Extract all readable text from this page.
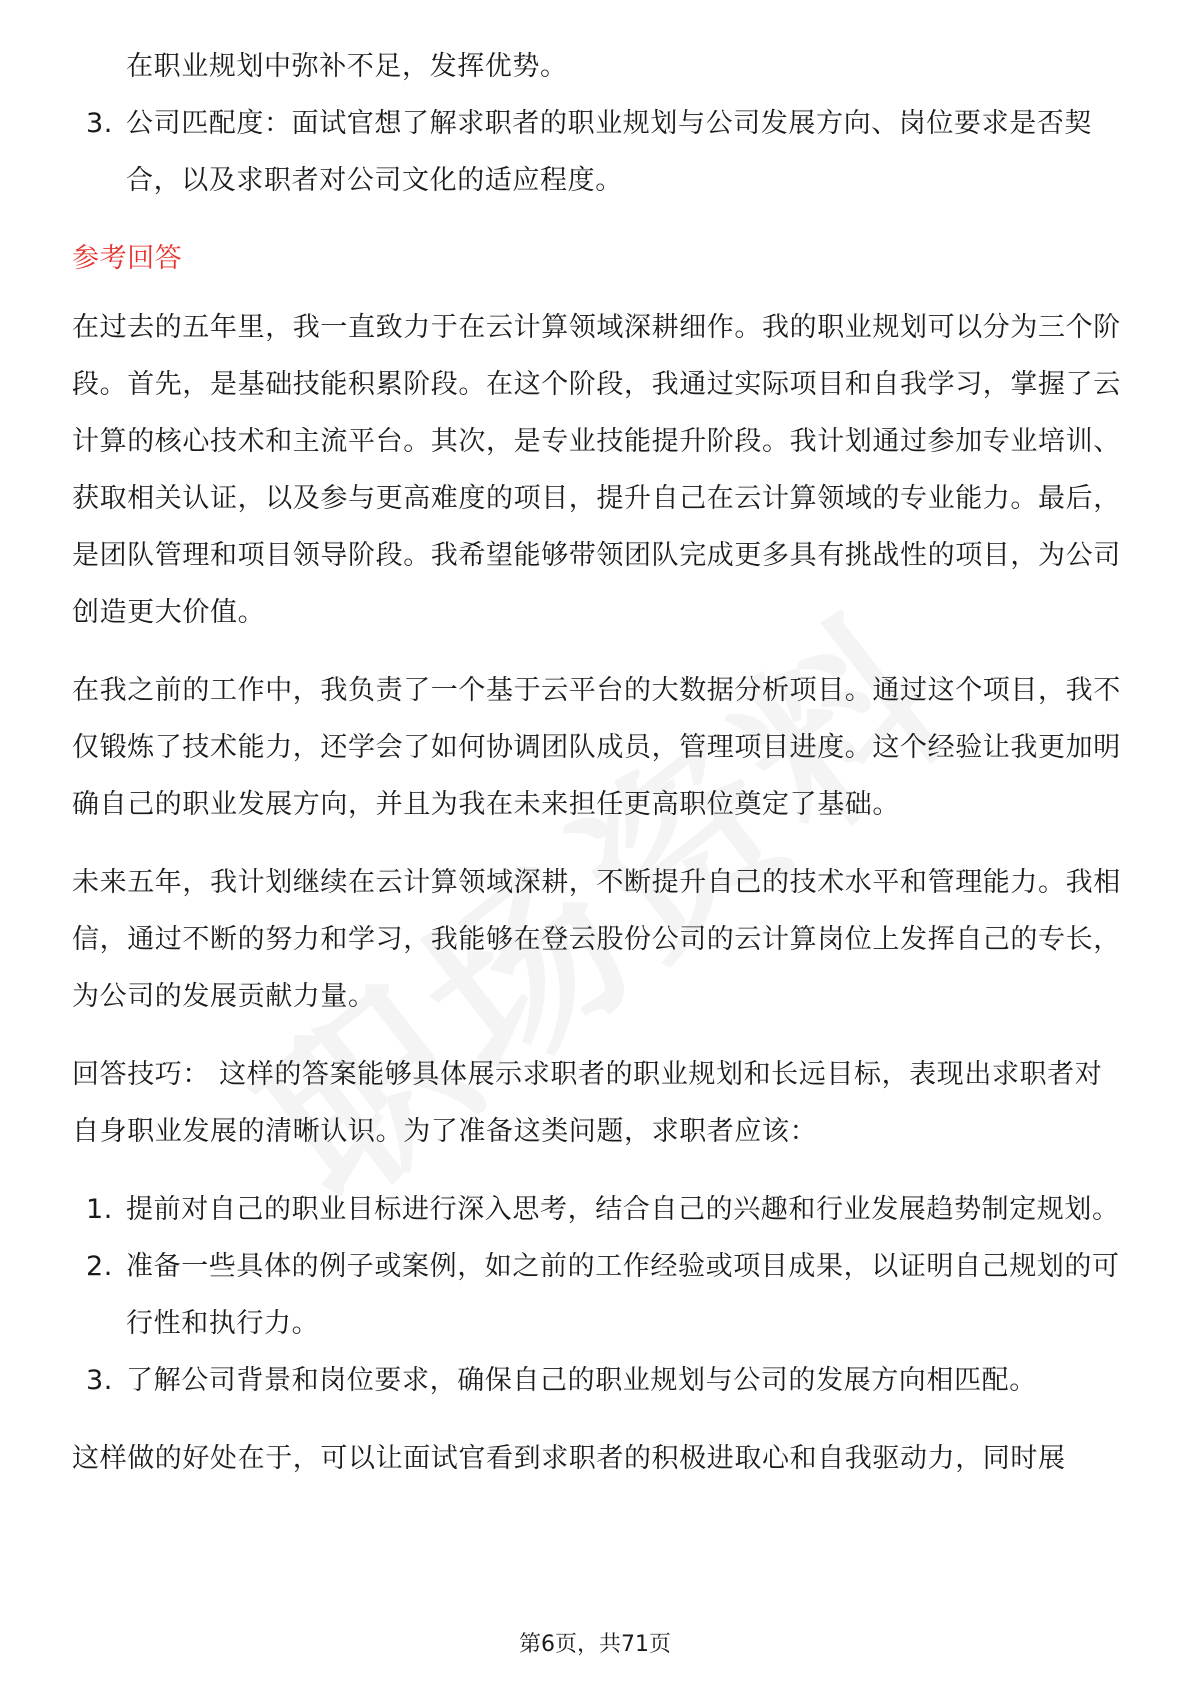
在职业规划中弥补不足，发挥优势。
3. 公司匹配度：面试官想了解求职者的职业规划与公司发展方向、岗位要求是否契合，以及求职者对公司文化的适应程度。
参考回答
在过去的五年里，我一直致力于在云计算领域深耕细作。我的职业规划可以分为三个阶段。首先，是基础技能积累阶段。在这个阶段，我通过实际项目和自我学习，掌握了云计算的核心技术和主流平台。其次，是专业技能提升阶段。我计划通过参加专业培训、获取相关认证，以及参与更高难度的项目，提升自己在云计算领域的专业能力。最后，是团队管理和项目领导阶段。我希望能够带领团队完成更多具有挑战性的项目，为公司创造更大价值。
在我之前的工作中，我负责了一个基于云平台的大数据分析项目。通过这个项目，我不仅锻炼了技术能力，还学会了如何协调团队成员，管理项目进度。这个经验让我更加明确自己的职业发展方向，并且为我在未来担任更高职位奠定了基础。
未来五年，我计划继续在云计算领域深耕，不断提升自己的技术水平和管理能力。我相信，通过不断的努力和学习，我能够在登云股份公司的云计算岗位上发挥自己的专长，为公司的发展贡献力量。
回答技巧： 这样的答案能够具体展示求职者的职业规划和长远目标，表现出求职者对自身职业发展的清晰认识。为了准备这类问题，求职者应该：
1. 提前对自己的职业目标进行深入思考，结合自己的兴趣和行业发展趋势制定规划。
2. 准备一些具体的例子或案例，如之前的工作经验或项目成果，以证明自己规划的可行性和执行力。
3. 了解公司背景和岗位要求，确保自己的职业规划与公司的发展方向相匹配。
这样做的好处在于，可以让面试官看到求职者的积极进取心和自我驱动力，同时展
第6页，共71页
